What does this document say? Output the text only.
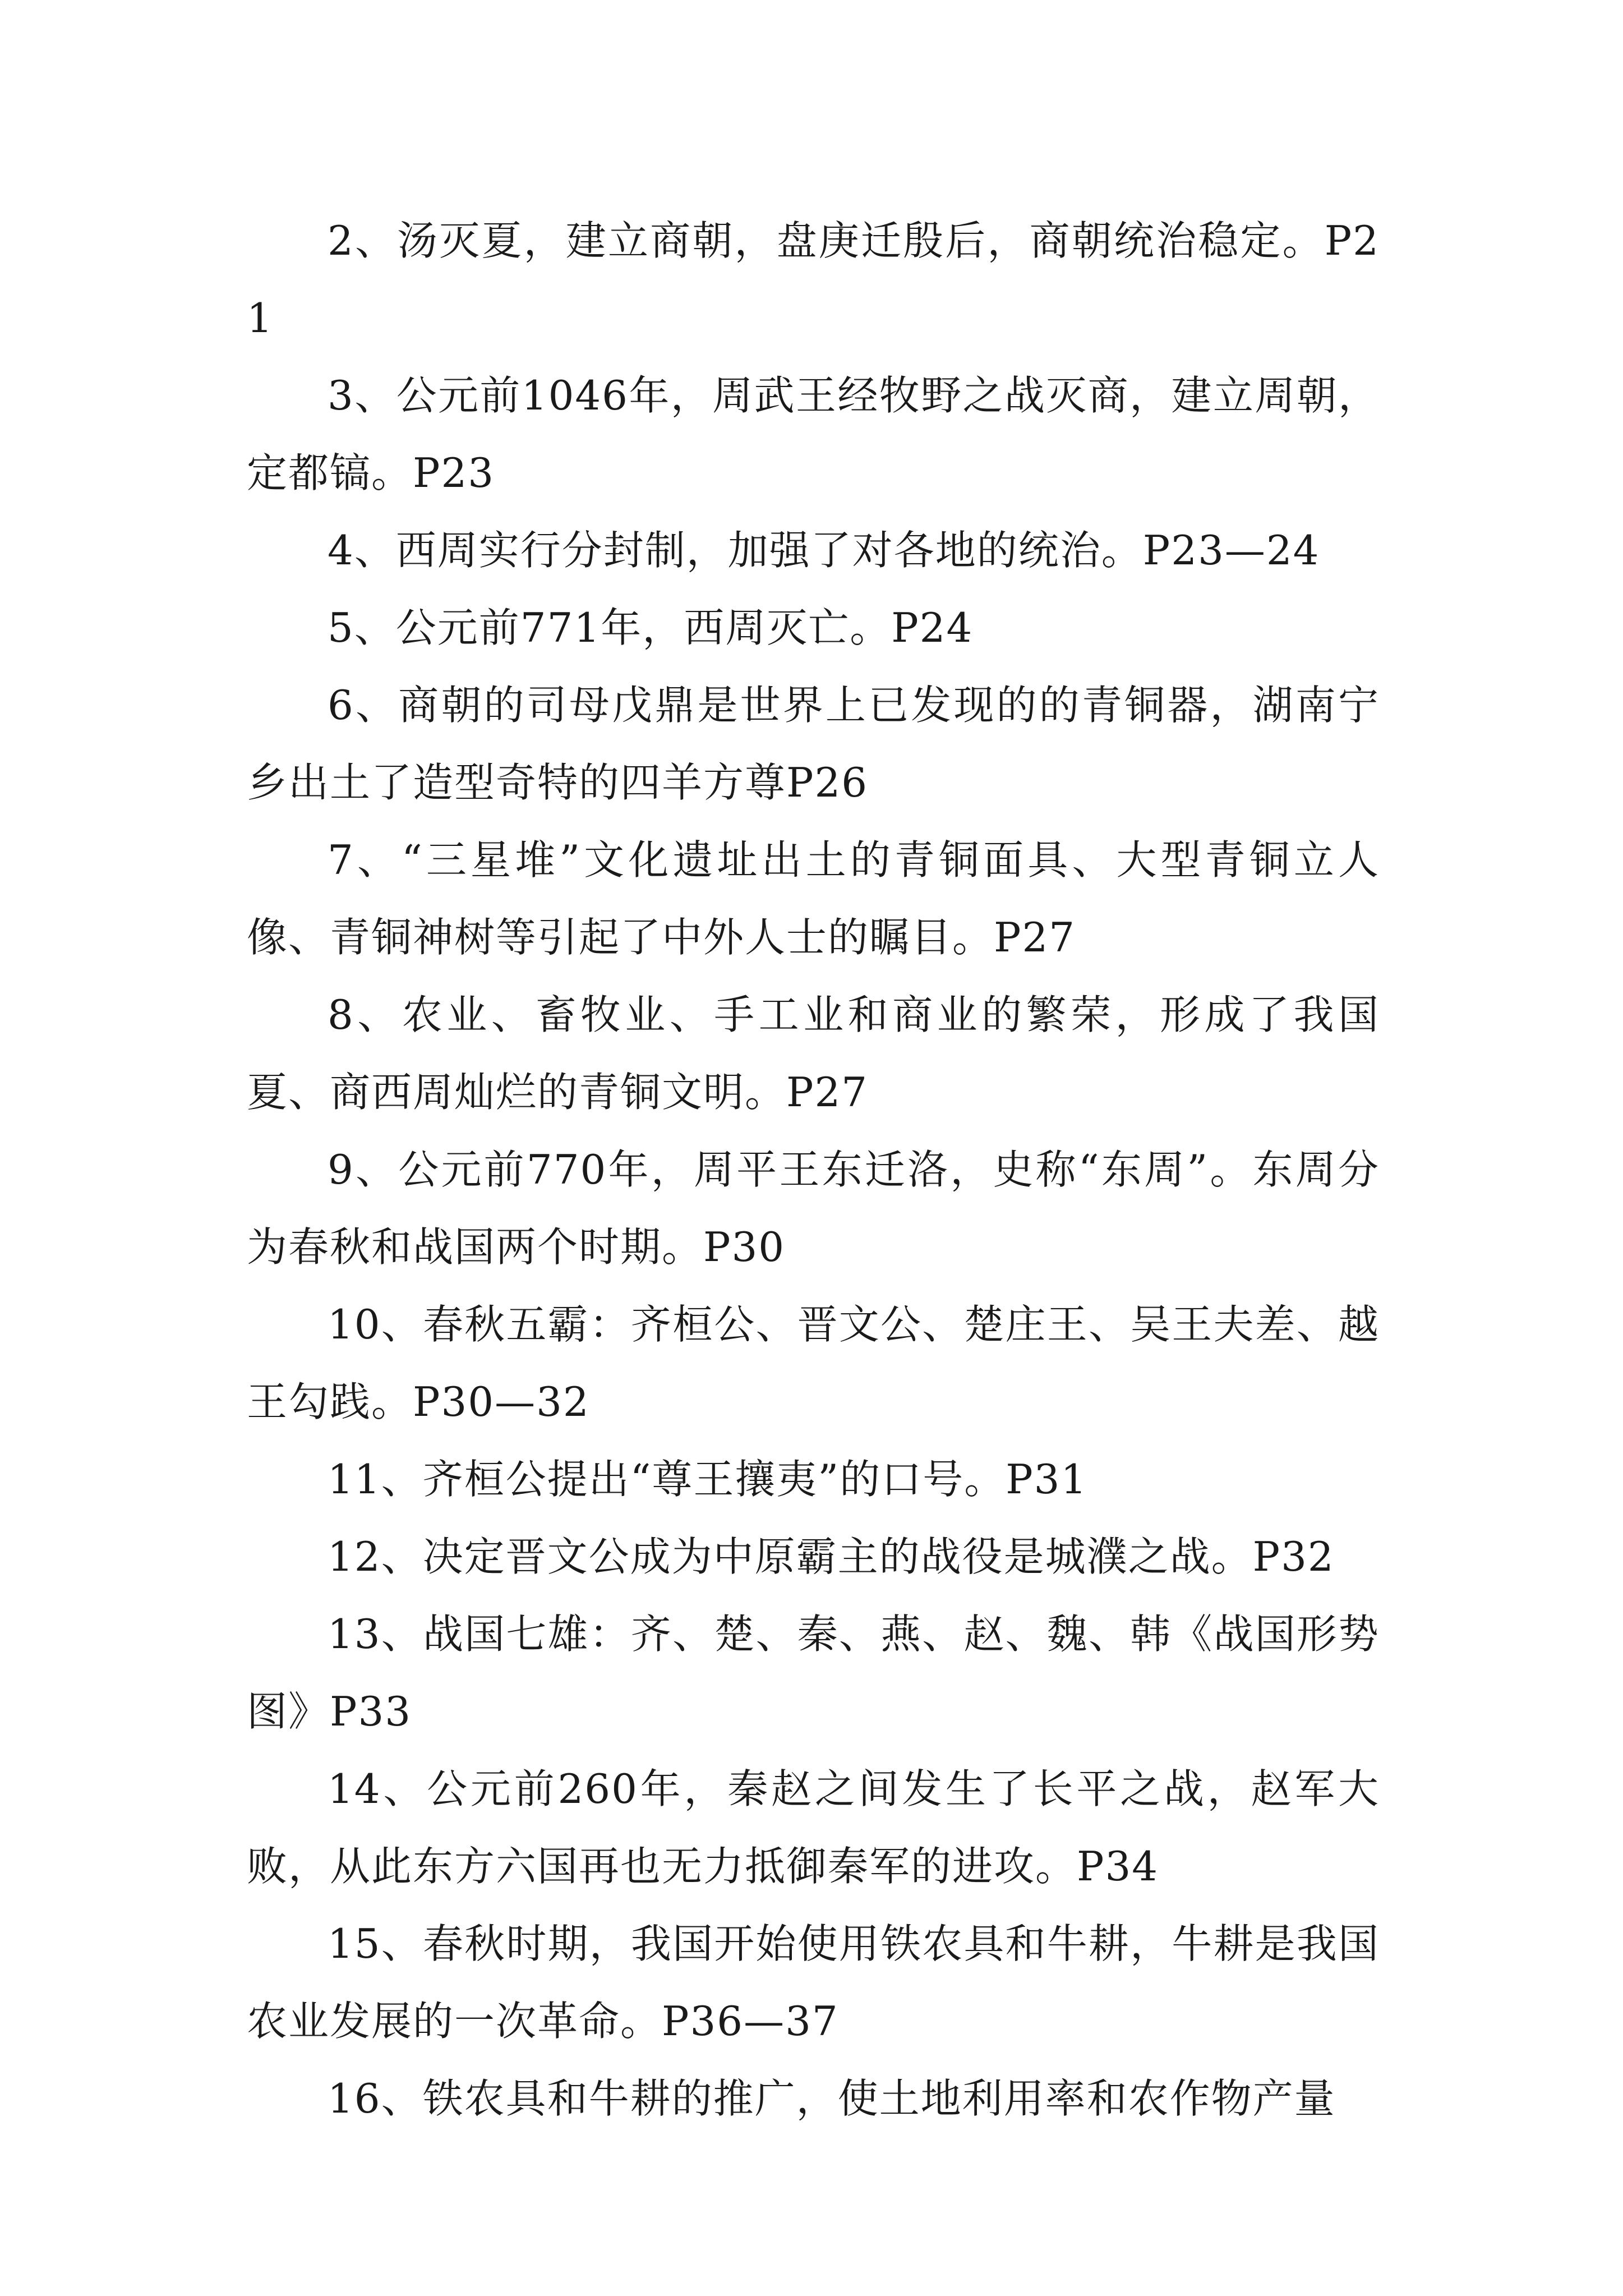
2、汤灭夏，建立商朝，盘庚迁殷后，商朝统治稳定。P21

3、公元前1046年，周武王经牧野之战灭商，建立周朝，定都镐。P23

4、西周实行分封制，加强了对各地的统治。P23—24

5、公元前771年，西周灭亡。P24

6、商朝的司母戊鼎是世界上已发现的的青铜器，湖南宁乡出土了造型奇特的四羊方尊P26

7、“三星堆”文化遗址出土的青铜面具、大型青铜立人像、青铜神树等引起了中外人士的瞩目。P27

8、农业、畜牧业、手工业和商业的繁荣，形成了我国夏、商西周灿烂的青铜文明。P27

9、公元前770年，周平王东迁洛，史称“东周”。东周分为春秋和战国两个时期。P30

10、春秋五霸：齐桓公、晋文公、楚庄王、吴王夫差、越王勾践。P30—32

11、齐桓公提出“尊王攘夷”的口号。P31

12、决定晋文公成为中原霸主的战役是城濮之战。P32

13、战国七雄：齐、楚、秦、燕、赵、魏、韩《战国形势图》P33

14、公元前260年，秦赵之间发生了长平之战，赵军大败，从此东方六国再也无力抵御秦军的进攻。P34

15、春秋时期，我国开始使用铁农具和牛耕，牛耕是我国农业发展的一次革命。P36—37

16、铁农具和牛耕的推广，使土地利用率和农作物产量
